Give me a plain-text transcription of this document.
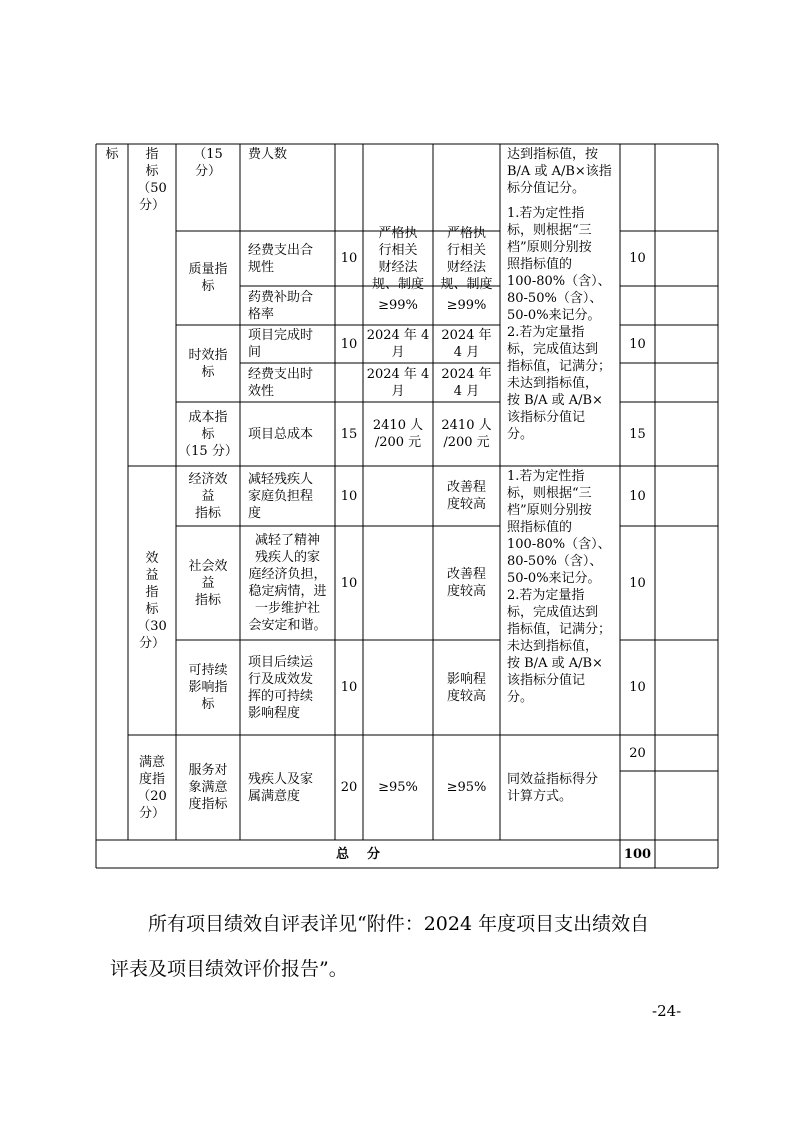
标 指
标
（50
分）
效
益
指
标
（30
分）
满意
度指
（20
分）
（15
分）
费人数	达到指标值，按
B/A 或 A/B×该指
标分值记分。
质量指
标
经费支出合
规性
10
严格执
行相关
财经法
规、制度
严格执
行相关
财经法
规、制度
10
药费补助合
格率
≥99% ≥99%
时效指
标
项目完成时
间
10
2024 年 4
月
2024 年
4 月
10
经费支出时
效性
2024 年 4
月
2024 年
4 月
成本指
标
（15 分）
项目总成本 15
2410 人
/200 元
2410 人
/200 元
15
1.若为定性指
标，则根据“三
档”原则分别按
照指标值的
100-80%（含）、
80-50%（含）、
50-0%来记分。
2.若为定量指
标，完成值达到
指标值，记满分；
未达到指标值，
按 B/A 或 A/B×
该指标分值记
分。
经济效
益
指标
减轻残疾人
家庭负担程
度
10
改善程
度较高
10
社会效
益
指标
减轻了精神
残疾人的家
庭经济负担，
稳定病情，进
一步维护社
会安定和谐。
10
改善程
度较高
10
可持续
影响指
标
项目后续运
行及成效发
挥的可持续
影响程度
10
影响程
度较高
10
1.若为定性指
标，则根据“三
档”原则分别按
照指标值的
100-80%（含）、
80-50%（含）、
50-0%来记分。
2.若为定量指
标，完成值达到
指标值，记满分；
未达到指标值，
按 B/A 或 A/B×
该指标分值记
分。
服务对
象满意
度指标
残疾人及家
属满意度
20 ≥95% ≥95%
同效益指标得分
计算方式。
20
总    分	100
所有项目绩效自评表详见“附件：2024 年度项目支出绩效自
评表及项目绩效评价报告”。
-24-
